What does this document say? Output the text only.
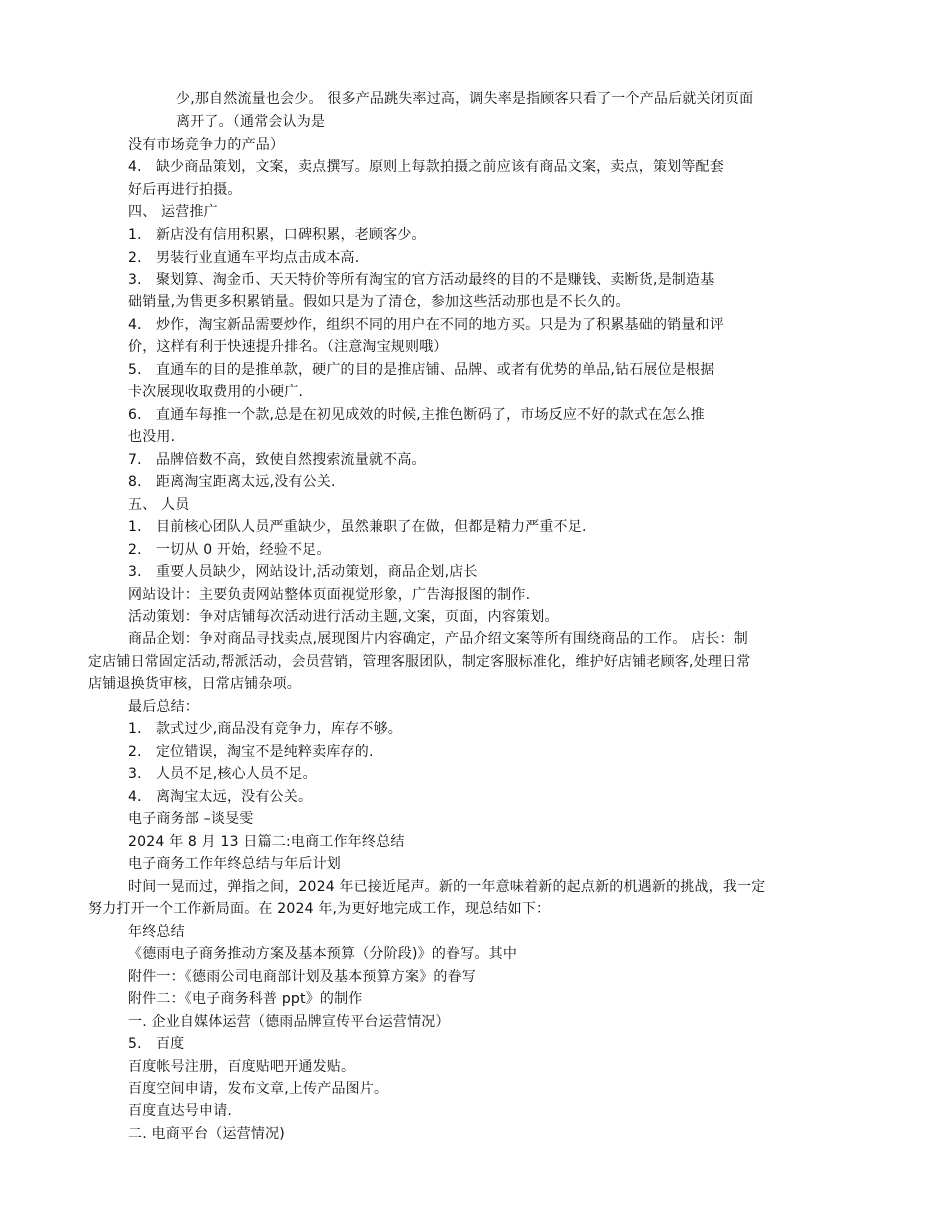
少,那自然流量也会少。 很多产品跳失率过高，调失率是指顾客只看了一个产品后就关闭页面
离开了。（通常会认为是
没有市场竞争力的产品）
4． 缺少商品策划，文案，卖点撰写。原则上每款拍摄之前应该有商品文案，卖点，策划等配套
好后再进行拍摄。
四、 运营推广
1． 新店没有信用积累，口碑积累，老顾客少。
2． 男装行业直通车平均点击成本高.
3． 聚划算、淘金币、天天特价等所有淘宝的官方活动最终的目的不是赚钱、卖断货,是制造基
础销量,为售更多积累销量。假如只是为了清仓，参加这些活动那也是不长久的。
4． 炒作，淘宝新品需要炒作，组织不同的用户在不同的地方买。只是为了积累基础的销量和评
价，这样有利于快速提升排名。（注意淘宝规则哦）
5． 直通车的目的是推单款，硬广的目的是推店铺、品牌、或者有优势的单品,钻石展位是根据
卡次展现收取费用的小硬广.
6． 直通车每推一个款,总是在初见成效的时候,主推色断码了，市场反应不好的款式在怎么推
也没用.
7． 品牌倍数不高，致使自然搜索流量就不高。
8． 距离淘宝距离太远,没有公关.
五、 人员
1． 目前核心团队人员严重缺少，虽然兼职了在做，但都是精力严重不足.
2． 一切从 0 开始，经验不足。
3． 重要人员缺少，网站设计,活动策划，商品企划,店长
网站设计：主要负责网站整体页面视觉形象，广告海报图的制作.
活动策划：争对店铺每次活动进行活动主题,文案，页面，内容策划。
商品企划：争对商品寻找卖点,展现图片内容确定，产品介绍文案等所有围绕商品的工作。 店长：制
定店铺日常固定活动,帮派活动，会员营销，管理客服团队，制定客服标准化，维护好店铺老顾客,处理日常
店铺退换货审核，日常店铺杂项。
最后总结：
1． 款式过少,商品没有竞争力，库存不够。
2． 定位错误，淘宝不是纯粹卖库存的.
3． 人员不足,核心人员不足。
4． 离淘宝太远，没有公关。
电子商务部 –谈旻雯
2024 年 8 月 13 日篇二:电商工作年终总结
电子商务工作年终总结与年后计划
时间一晃而过，弹指之间，2024 年已接近尾声。新的一年意味着新的起点新的机遇新的挑战，我一定
努力打开一个工作新局面。在 2024 年,为更好地完成工作，现总结如下：
年终总结
《德雨电子商务推动方案及基本预算（分阶段)》的眷写。其中
附件一：《德雨公司电商部计划及基本预算方案》的眷写
附件二：《电子商务科普 ppt》的制作
一. 企业自媒体运营（德雨品牌宣传平台运营情况）
5． 百度
百度帐号注册，百度贴吧开通发贴。
百度空间申请，发布文章,上传产品图片。
百度直达号申请.
二. 电商平台（运营情况)
